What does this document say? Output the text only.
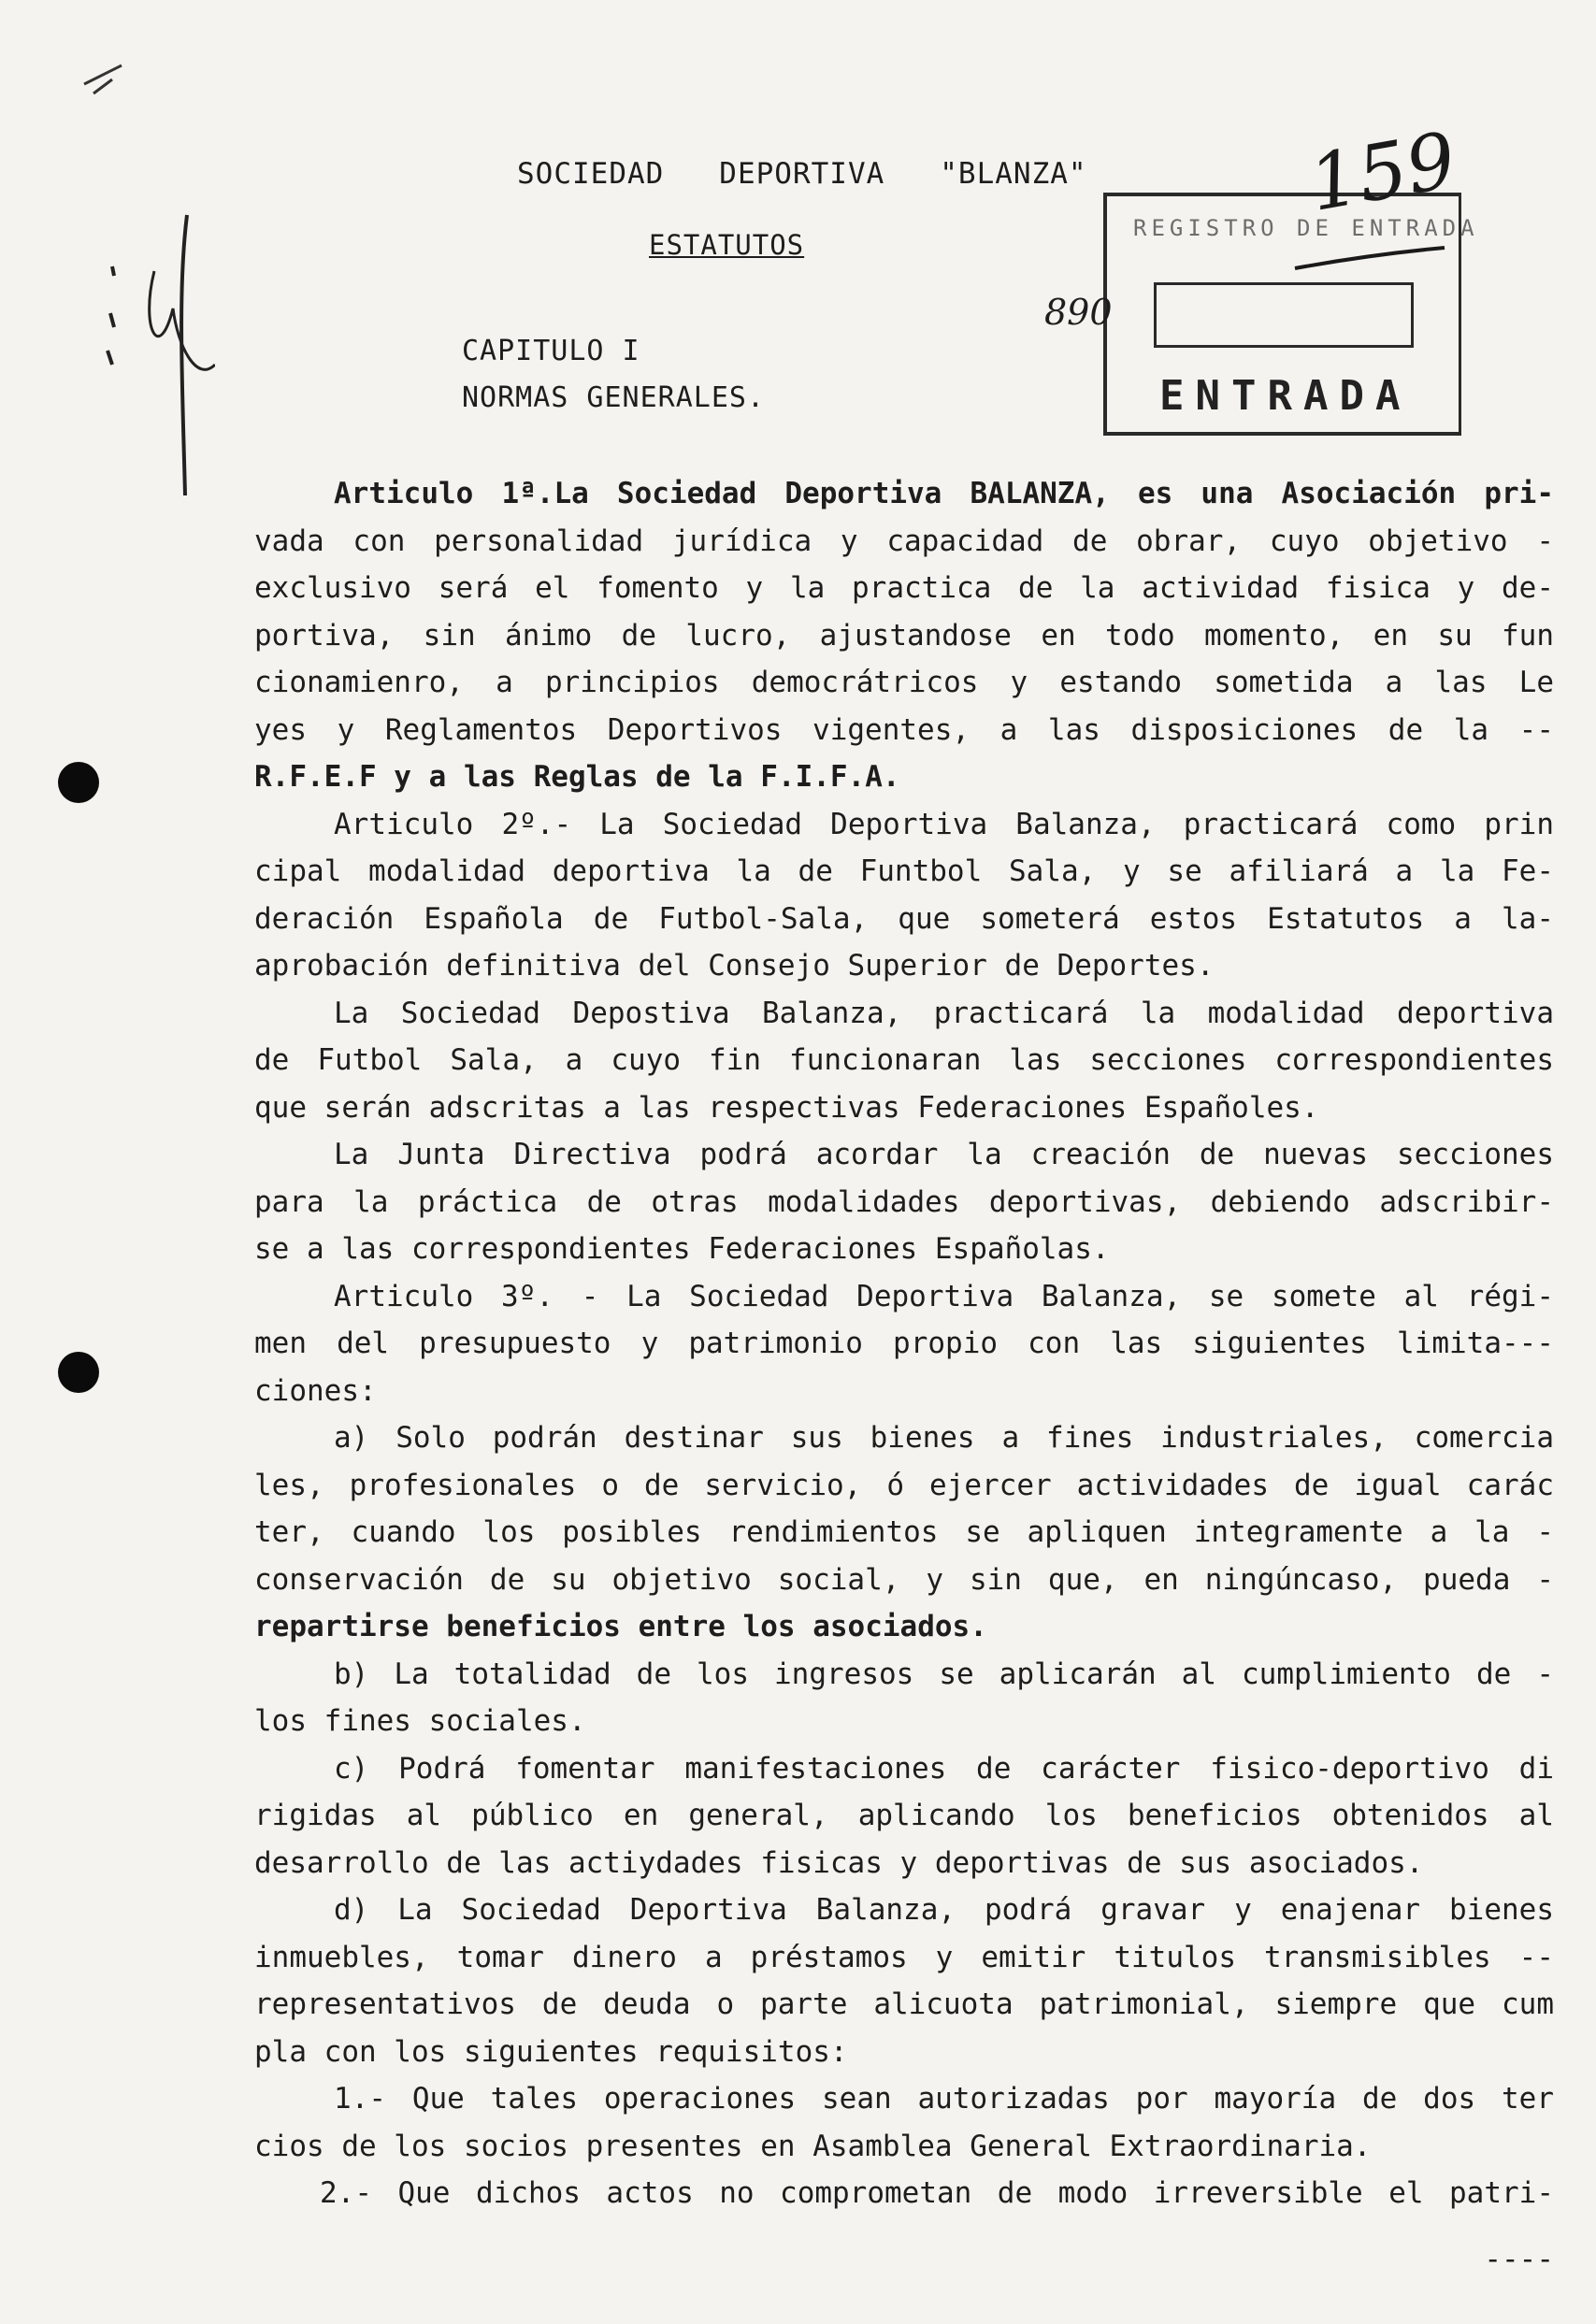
SOCIEDAD   DEPORTIVA   "BLANZA"
ESTATUTOS
CAPITULO I
NORMAS GENERALES.
REGISTRO DE ENTRADA
ENTRADA
159
890
Articulo 1ª.La Sociedad Deportiva BALANZA, es una Asociación pri-
vada con personalidad jurídica y capacidad de obrar, cuyo objetivo -
exclusivo será el fomento y la practica de la actividad fisica y de-
portiva, sin ánimo de lucro, ajustandose en todo momento, en su fun
cionamienro, a principios democrátricos y estando sometida a las Le
yes y Reglamentos Deportivos vigentes, a las disposiciones de la --
R.F.E.F y a las Reglas de la F.I.F.A.
Articulo 2º.- La Sociedad Deportiva Balanza, practicará como prin
cipal modalidad deportiva la de Funtbol Sala, y se afiliará a la Fe-
deración Española de Futbol-Sala, que someterá estos Estatutos a la-
aprobación definitiva del Consejo Superior de Deportes.
La Sociedad Depostiva Balanza, practicará la modalidad deportiva
de Futbol Sala, a cuyo fin funcionaran las secciones correspondientes
que serán adscritas a las respectivas Federaciones Españoles.
La Junta Directiva podrá acordar la creación de nuevas secciones
para la práctica de otras modalidades deportivas, debiendo adscribir-
se a las correspondientes Federaciones Españolas.
Articulo 3º. - La Sociedad Deportiva Balanza, se somete al régi-
men del presupuesto y patrimonio propio con las siguientes limita---
ciones:
a) Solo podrán destinar sus bienes a fines industriales, comercia
les, profesionales o de servicio, ó ejercer actividades de igual carác
ter, cuando los posibles rendimientos se apliquen integramente a la -
conservación de su objetivo social, y sin que, en ningúncaso, pueda -
repartirse beneficios entre los asociados.
b) La totalidad de los ingresos se aplicarán al cumplimiento de -
los fines sociales.
c) Podrá fomentar manifestaciones de carácter fisico-deportivo di
rigidas al público en general, aplicando los beneficios obtenidos al
desarrollo de las actiydades fisicas y deportivas de sus asociados.
d) La Sociedad Deportiva Balanza, podrá gravar y enajenar bienes
inmuebles, tomar dinero a préstamos y emitir titulos transmisibles --
representativos de deuda o parte alicuota patrimonial, siempre que cum
pla con los siguientes requisitos:
1.- Que tales operaciones sean autorizadas por mayoría de dos ter
cios de los socios presentes en Asamblea General Extraordinaria.
2.- Que dichos actos no comprometan de modo irreversible el patri-
----
